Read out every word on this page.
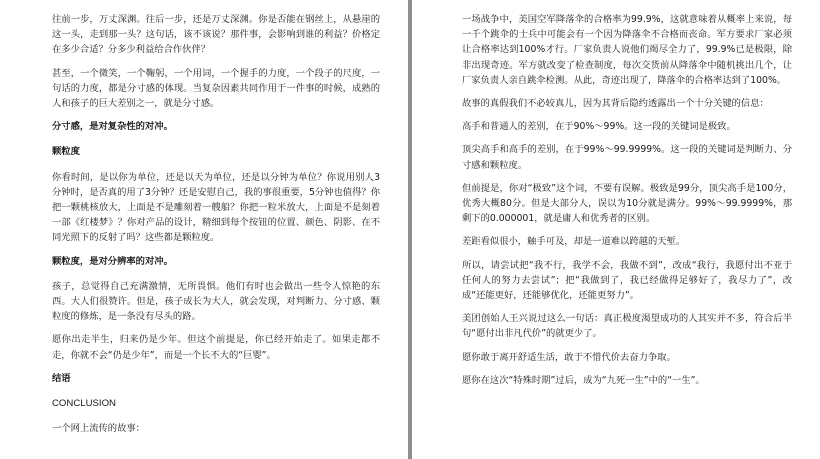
往前一步，万丈深渊。往后一步，还是万丈深渊。你是否能在钢丝上，从悬崖的这一头，走到那一头？这句话，该不该说？那件事，会影响到谁的利益？价格定在多少合适？分多少利益给合作伙伴？

甚至，一个微笑，一个鞠躬，一个用词，一个握手的力度，一个段子的尺度，一句话的力度，都是分寸感的体现。当复杂因素共同作用于一件事的时候，成熟的人和孩子的巨大差别之一，就是分寸感。

分寸感，是对复杂性的对冲。

颗粒度

你看时间，是以你为单位，还是以天为单位，还是以分钟为单位？你说用别人3分钟时，是否真的用了3分钟？还是安慰自己，我的事很重要，5分钟也值得？你把一颗桃核放大，上面是不是雕刻着一艘船？你把一粒米放大，上面是不是刻着一部《红楼梦》？你对产品的设计，精细到每个按钮的位置、颜色、阴影、在不同光照下的反射了吗？这些都是颗粒度。

颗粒度，是对分辨率的对冲。

孩子，总觉得自己充满激情，无所畏惧。他们有时也会做出一些令人惊艳的东西。大人们很赞许。但是，孩子成长为大人，就会发现，对判断力、分寸感、颗粒度的修炼，是一条没有尽头的路。

愿你出走半生，归来仍是少年。但这个前提是，你已经开始走了。如果走都不走，你就不会“仍是少年”，而是一个长不大的“巨婴”。

结语

CONCLUSION

一个网上流传的故事：

一场战争中，美国空军降落伞的合格率为99.9%，这就意味着从概率上来说，每一千个跳伞的士兵中可能会有一个因为降落伞不合格而丧命。军方要求厂家必须让合格率达到100%才行。厂家负责人说他们竭尽全力了，99.9%已是极限，除非出现奇迹。军方就改变了检查制度，每次交货前从降落伞中随机挑出几个，让厂家负责人亲自跳伞检测。从此，奇迹出现了，降落伞的合格率达到了100%。

故事的真假我们不必较真儿，因为其背后隐约透露出一个十分关键的信息：

高手和普通人的差别，在于90%～99%。这一段的关键词是极致。

顶尖高手和高手的差别，在于99%～99.9999%。这一段的关键词是判断力、分寸感和颗粒度。

但前提是，你对“极致”这个词，不要有误解。极致是99分，顶尖高手是100分，优秀大概80分。但是大部分人，误以为10分就是满分。99%～99.9999%，那剩下的0.000001，就是庸人和优秀者的区别。

差距看似很小，触手可及，却是一道难以跨越的天堑。

所以，请尝试把“我不行，我学不会，我做不到”，改成“我行，我愿付出不亚于任何人的努力去尝试”；把“我做到了，我已经做得足够好了，我尽力了”，改成“还能更好，还能够优化，还能更努力”。

美团创始人王兴说过这么一句话：真正极度渴望成功的人其实并不多，符合后半句“愿付出非凡代价”的就更少了。

愿你敢于离开舒适生活，敢于不惜代价去奋力争取。

愿你在这次“特殊时期”过后，成为“九死一生”中的“一生”。
